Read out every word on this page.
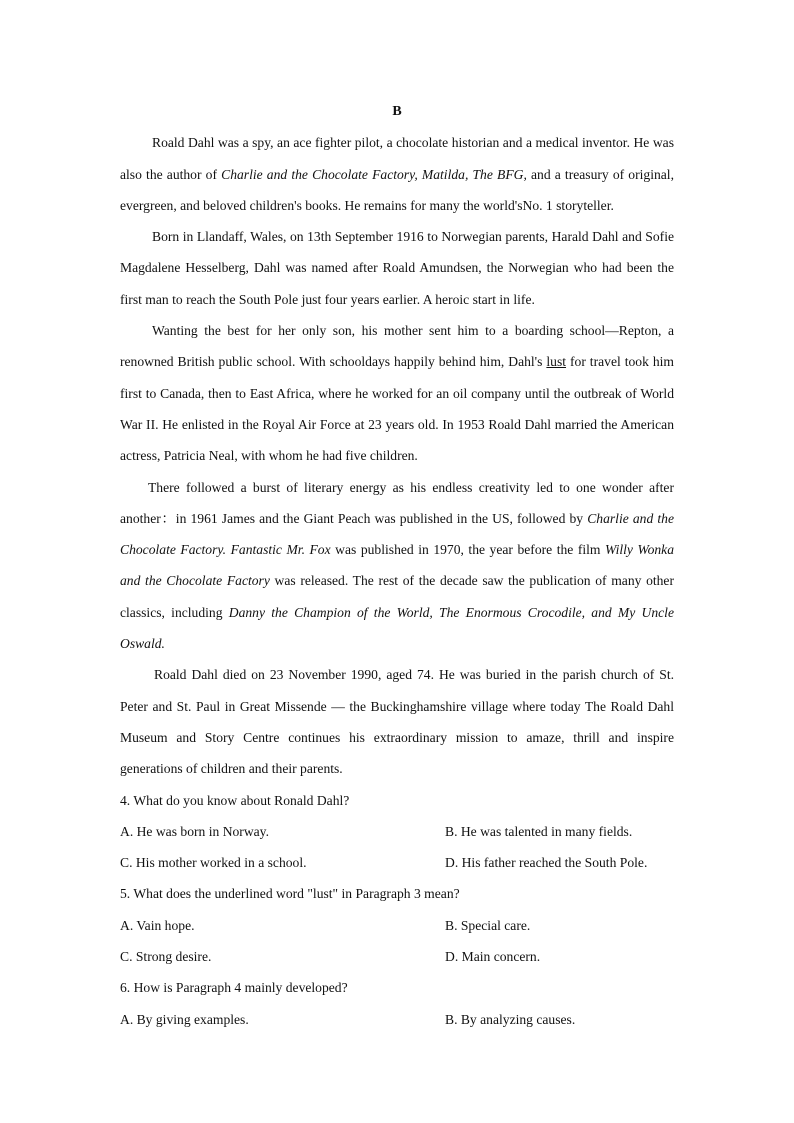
B

Roald Dahl was a spy, an ace fighter pilot, a chocolate historian and a medical inventor. He was also the author of Charlie and the Chocolate Factory, Matilda, The BFG, and a treasury of original, evergreen, and beloved children's books. He remains for many the world'sNo. 1 storyteller.

Born in Llandaff, Wales, on 13th September 1916 to Norwegian parents, Harald Dahl and Sofie Magdalene Hesselberg, Dahl was named after Roald Amundsen, the Norwegian who had been the first man to reach the South Pole just four years earlier. A heroic start in life.

Wanting the best for her only son, his mother sent him to a boarding school—Repton, a renowned British public school. With schooldays happily behind him, Dahl's lust for travel took him first to Canada, then to East Africa, where he worked for an oil company until the outbreak of World War II. He enlisted in the Royal Air Force at 23 years old. In 1953 Roald Dahl married the American actress, Patricia Neal, with whom he had five children.

There followed a burst of literary energy as his endless creativity led to one wonder after another：in 1961 James and the Giant Peach was published in the US, followed by Charlie and the Chocolate Factory. Fantastic Mr. Fox was published in 1970, the year before the film Willy Wonka and the Chocolate Factory was released. The rest of the decade saw the publication of many other classics, including Danny the Champion of the World, The Enormous Crocodile, and My Uncle Oswald.

Roald Dahl died on 23 November 1990, aged 74. He was buried in the parish church of St. Peter and St. Paul in Great Missende — the Buckinghamshire village where today The Roald Dahl Museum and Story Centre continues his extraordinary mission to amaze, thrill and inspire generations of children and their parents.

4. What do you know about Ronald Dahl?

A. He was born in Norway.	B. He was talented in many fields.
C. His mother worked in a school.	D. His father reached the South Pole.

5. What does the underlined word "lust" in Paragraph 3 mean?

A. Vain hope.	B. Special care.
C. Strong desire.	D. Main concern.

6. How is Paragraph 4 mainly developed?

A. By giving examples.	B. By analyzing causes.
